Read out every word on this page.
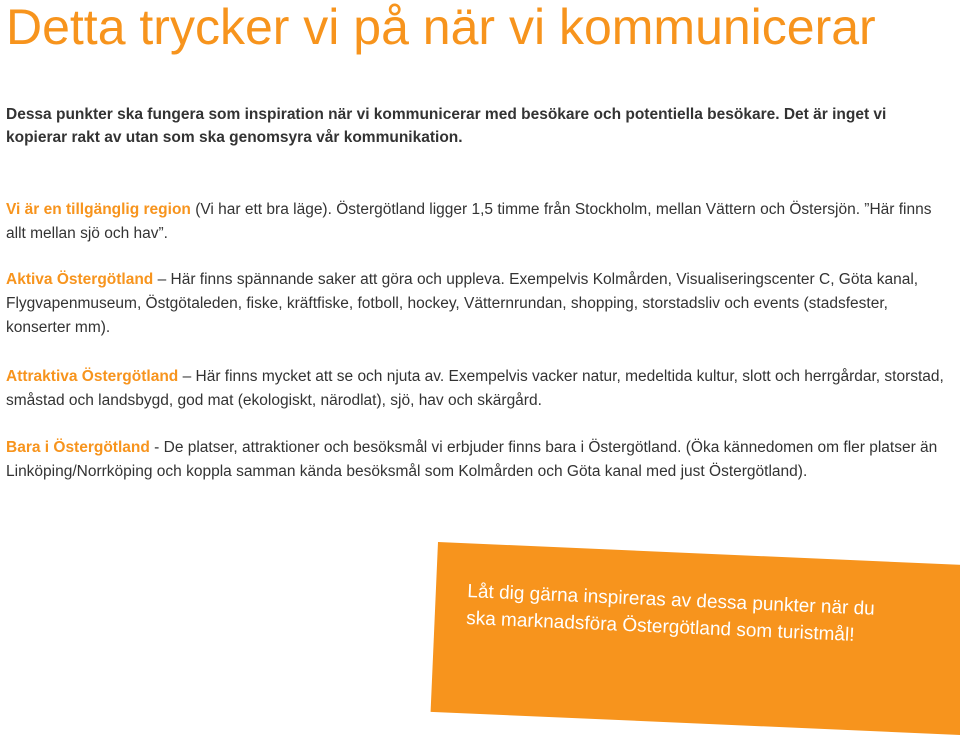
Detta trycker vi på när vi kommunicerar

Dessa punkter ska fungera som inspiration när vi kommunicerar med besökare och potentiella besökare. Det är inget vi kopierar rakt av utan som ska genomsyra vår kommunikation.

Vi är en tillgänglig region (Vi har ett bra läge). Östergötland ligger 1,5 timme från Stockholm, mellan Vättern och Östersjön. ”Här finns allt mellan sjö och hav”.

Aktiva Östergötland – Här finns spännande saker att göra och uppleva. Exempelvis Kolmården, Visualiseringscenter C, Göta kanal, Flygvapenmuseum, Östgötaleden, fiske, kräftfiske, fotboll, hockey, Vätternrundan, shopping, storstadsliv och events (stadsfester, konserter mm).

Attraktiva Östergötland – Här finns mycket att se och njuta av. Exempelvis vacker natur, medeltida kultur, slott och herrgårdar, storstad, småstad och landsbygd, god mat (ekologiskt, närodlat), sjö, hav och skärgård.

Bara i Östergötland - De platser, attraktioner och besöksmål vi erbjuder finns bara i Östergötland. (Öka kännedomen om fler platser än Linköping/Norrköping och koppla samman kända besöksmål som Kolmården och Göta kanal med just Östergötland).

Låt dig gärna inspireras av dessa punkter när du ska marknadsföra Östergötland som turistmål!
